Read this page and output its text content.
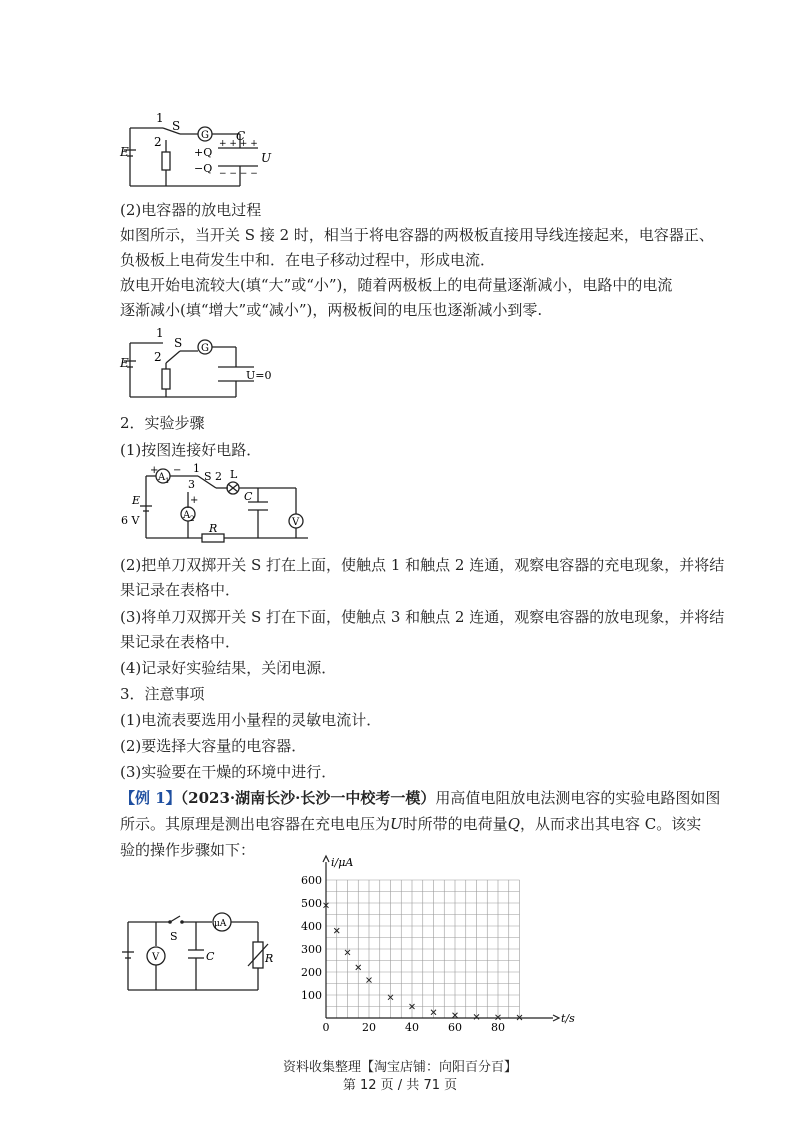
1
S
G C
E
2
+Q
−Q
+ + + +
− − − −
U
(2)电容器的放电过程
如图所示，当开关 S 接 2 时，相当于将电容器的两极板直接用导线连接起来，电容器正、
负极板上电荷发生中和．在电子移动过程中，形成电流．
放电开始电流较大(填“大”或“小”)，随着两极板上的电荷量逐渐减小，电路中的电流
逐渐减小(填“增大”或“减小”)，两极板间的电压也逐渐减小到零.
1
S G
E 2
U=0
2．实验步骤
(1)按图连接好电路．
A 1
+ − 1
3
S 2 L
E
6 V	A 2
+	C
V
R
(2)把单刀双掷开关 S 打在上面，使触点 1 和触点 2 连通，观察电容器的充电现象，并将结
果记录在表格中．
(3)将单刀双掷开关 S 打在下面，使触点 3 和触点 2 连通，观察电容器的放电现象，并将结
果记录在表格中．
(4)记录好实验结果，关闭电源．
3．注意事项
(1)电流表要选用小量程的灵敏电流计．
(2)要选择大容量的电容器．
(3)实验要在干燥的环境中进行．
【例 1】（2023·湖南长沙·长沙一中校考一模）用高值电阻放电法测电容的实验电路图如图
所示。其原理是测出电容器在充电电压为U时所带的电荷量Q，从而求出其电容 C。该实
验的操作步骤如下：
S
C
μA
V	R
0	20	40	60	80
100
200
300
400
500
600
i/μA
t/s
资料收集整理【淘宝店铺：向阳百分百】
第 12 页 / 共 71 页
